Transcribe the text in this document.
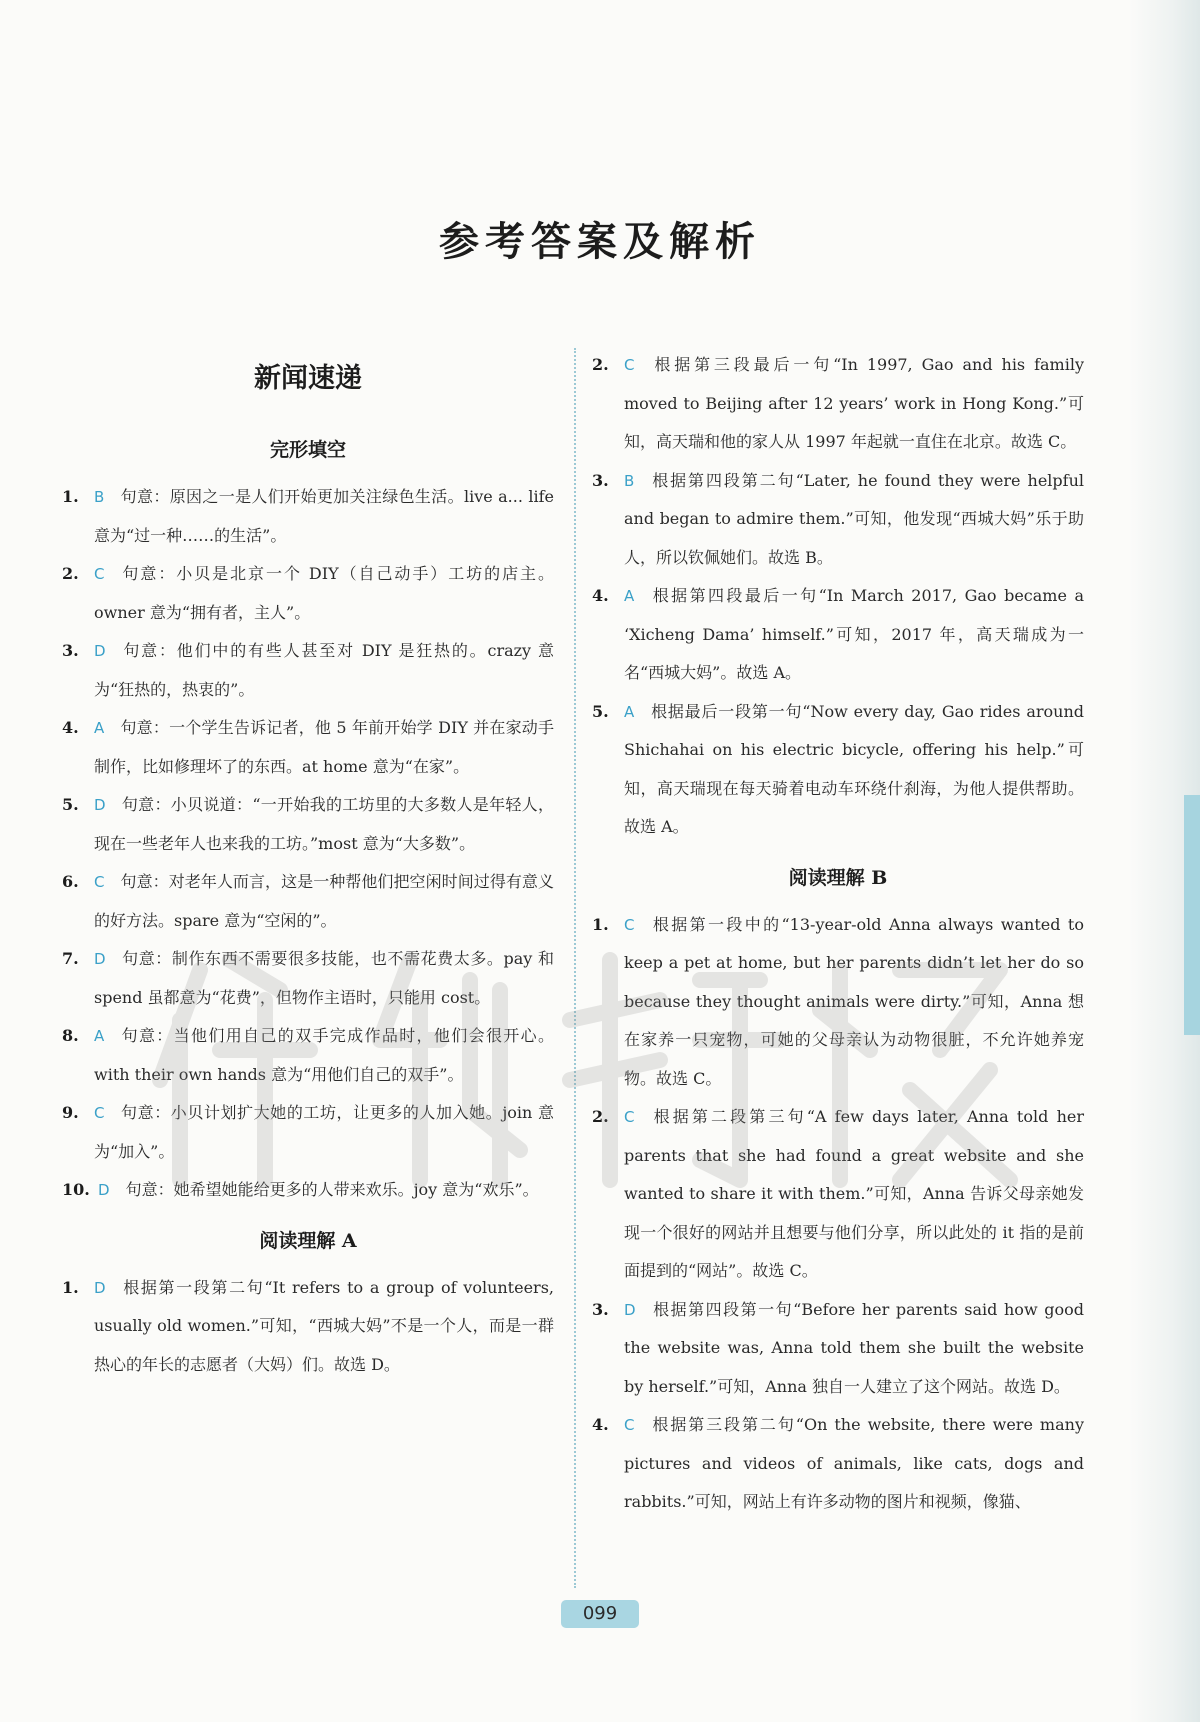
参考答案及解析
新闻速递
完形填空
1. B 句意：原因之一是人们开始更加关注绿色生活。live a... life 意为“过一种……的生活”。
2. C 句意：小贝是北京一个 DIY（自己动手）工坊的店主。owner 意为“拥有者，主人”。
3. D 句意：他们中的有些人甚至对 DIY 是狂热的。crazy 意为“狂热的，热衷的”。
4. A 句意：一个学生告诉记者，他 5 年前开始学 DIY 并在家动手制作，比如修理坏了的东西。at home 意为“在家”。
5. D 句意：小贝说道：“一开始我的工坊里的大多数人是年轻人，现在一些老年人也来我的工坊。”most 意为“大多数”。
6. C 句意：对老年人而言，这是一种帮他们把空闲时间过得有意义的好方法。spare 意为“空闲的”。
7. D 句意：制作东西不需要很多技能，也不需花费太多。pay 和 spend 虽都意为“花费”，但物作主语时，只能用 cost。
8. A 句意：当他们用自己的双手完成作品时，他们会很开心。with their own hands 意为“用他们自己的双手”。
9. C 句意：小贝计划扩大她的工坊，让更多的人加入她。join 意为“加入”。
10. D 句意：她希望她能给更多的人带来欢乐。joy 意为“欢乐”。
阅读理解 A
1. D 根据第一段第二句“It refers to a group of volunteers, usually old women.”可知，“西城大妈”不是一个人，而是一群热心的年长的志愿者（大妈）们。故选 D。
2. C 根据第三段最后一句“In 1997, Gao and his family moved to Beijing after 12 years’ work in Hong Kong.”可知，高天瑞和他的家人从 1997 年起就一直住在北京。故选 C。
3. B 根据第四段第二句“Later, he found they were helpful and began to admire them.”可知，他发现“西城大妈”乐于助人，所以钦佩她们。故选 B。
4. A 根据第四段最后一句“In March 2017, Gao became a ‘Xicheng Dama’ himself.”可知，2017 年，高天瑞成为一名“西城大妈”。故选 A。
5. A 根据最后一段第一句“Now every day, Gao rides around Shichahai on his electric bicycle, offering his help.”可知，高天瑞现在每天骑着电动车环绕什刹海，为他人提供帮助。故选 A。
阅读理解 B
1. C 根据第一段中的“13-year-old Anna always wanted to keep a pet at home, but her parents didn’t let her do so because they thought animals were dirty.”可知，Anna 想在家养一只宠物，可她的父母亲认为动物很脏，不允许她养宠物。故选 C。
2. C 根据第二段第三句“A few days later, Anna told her parents that she had found a great website and she wanted to share it with them.”可知，Anna 告诉父母亲她发现一个很好的网站并且想要与他们分享，所以此处的 it 指的是前面提到的“网站”。故选 C。
3. D 根据第四段第一句“Before her parents said how good the website was, Anna told them she built the website by herself.”可知，Anna 独自一人建立了这个网站。故选 D。
4. C 根据第三段第二句“On the website, there were many pictures and videos of animals, like cats, dogs and rabbits.”可知，网站上有许多动物的图片和视频，像猫、
099
